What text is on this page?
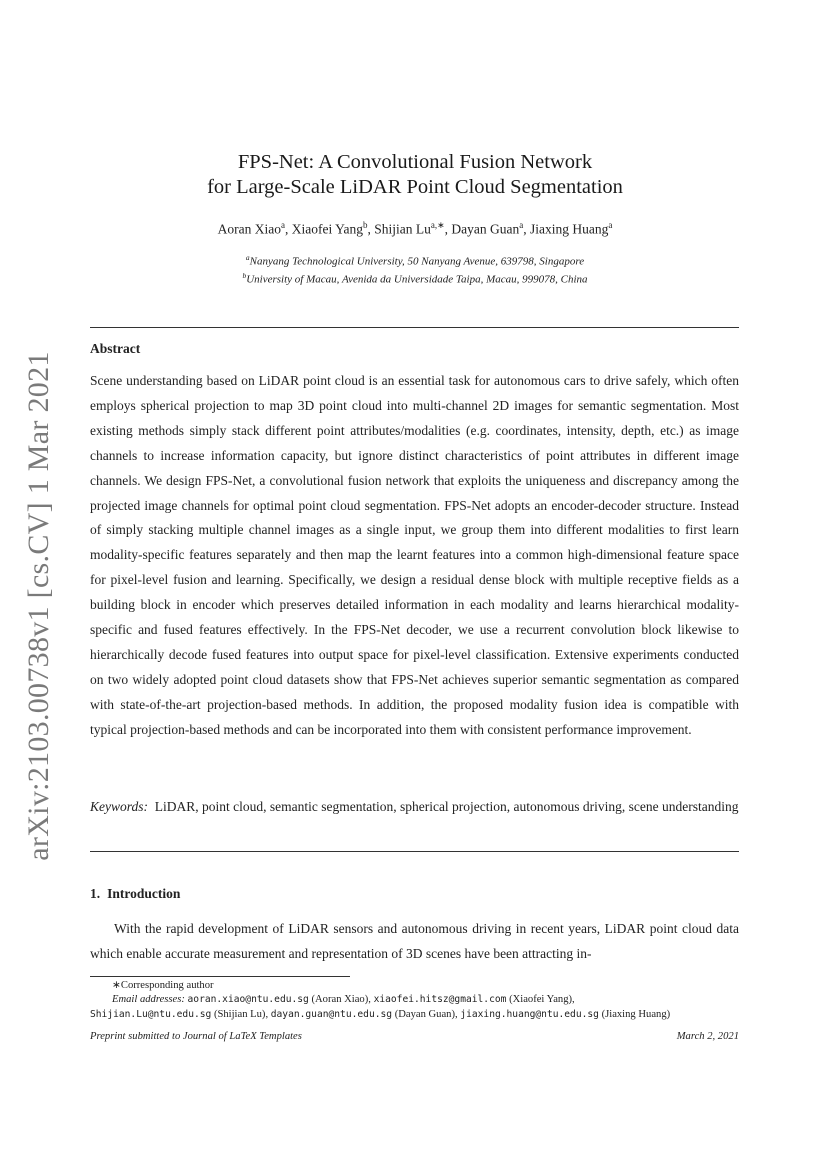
arXiv:2103.00738v1 [cs.CV] 1 Mar 2021
FPS-Net: A Convolutional Fusion Network
for Large-Scale LiDAR Point Cloud Segmentation
Aoran Xiao$^a$, Xiaofei Yang$^b$, Shijian $Lu^{a,∗}$, Dayan Guan$^a$, Jiaxing Huang$^a$
$^a$Nanyang Technological University, 50 Nanyang Avenue, 639798, Singapore
$^b$University of Macau, Avenida da Universidade Taipa, Macau, 999078, China
Abstract

Scene understanding based on LiDAR point cloud is an essential task for autonomous cars to drive safely, which often employs spherical projection to map 3D point cloud into multi-channel 2D images for semantic segmentation. Most existing methods simply stack different point attributes/modalities (e.g. coordinates, intensity, depth, etc.) as image channels to increase information capacity, but ignore distinct characteristics of point attributes in different image channels. We design FPS-Net, a convolutional fusion network that exploits the uniqueness and discrepancy among the projected image channels for optimal point cloud segmentation. FPS-Net adopts an encoder-decoder structure. Instead of simply stacking multiple channel images as a single input, we group them into different modalities to first learn modality-specific features separately and then map the learnt features into a common high-dimensional feature space for pixel-level fusion and learning. Specifically, we design a residual dense block with multiple receptive fields as a building block in encoder which preserves detailed information in each modality and learns hierarchical modality-specific and fused features effectively. In the FPS-Net decoder, we use a recurrent convolution block likewise to hierarchically decode fused features into output space for pixel-level classification. Extensive experiments conducted on two widely adopted point cloud datasets show that FPS-Net achieves superior semantic segmentation as compared with state-of-the-art projection-based methods. In addition, the proposed modality fusion idea is compatible with typical projection-based methods and can be incorporated into them with consistent performance improvement.

Keywords: LiDAR, point cloud, semantic segmentation, spherical projection, autonomous driving, scene understanding

1. Introduction

With the rapid development of LiDAR sensors and autonomous driving in recent years, LiDAR point cloud data which enable accurate measurement and representation of 3D scenes have been attracting in-

∗Corresponding author
Email addresses: aoran.xiao@ntu.edu.sg (Aoran Xiao), xiaofei.hitsz@gmail.com (Xiaofei Yang),
Shijian.Lu@ntu.edu.sg (Shijian Lu), dayan.guan@ntu.edu.sg (Dayan Guan), jiaxing.huang@ntu.edu.sg (Jiaxing Huang)
Preprint submitted to Journal of LaTeX Templates	March 2, 2021
